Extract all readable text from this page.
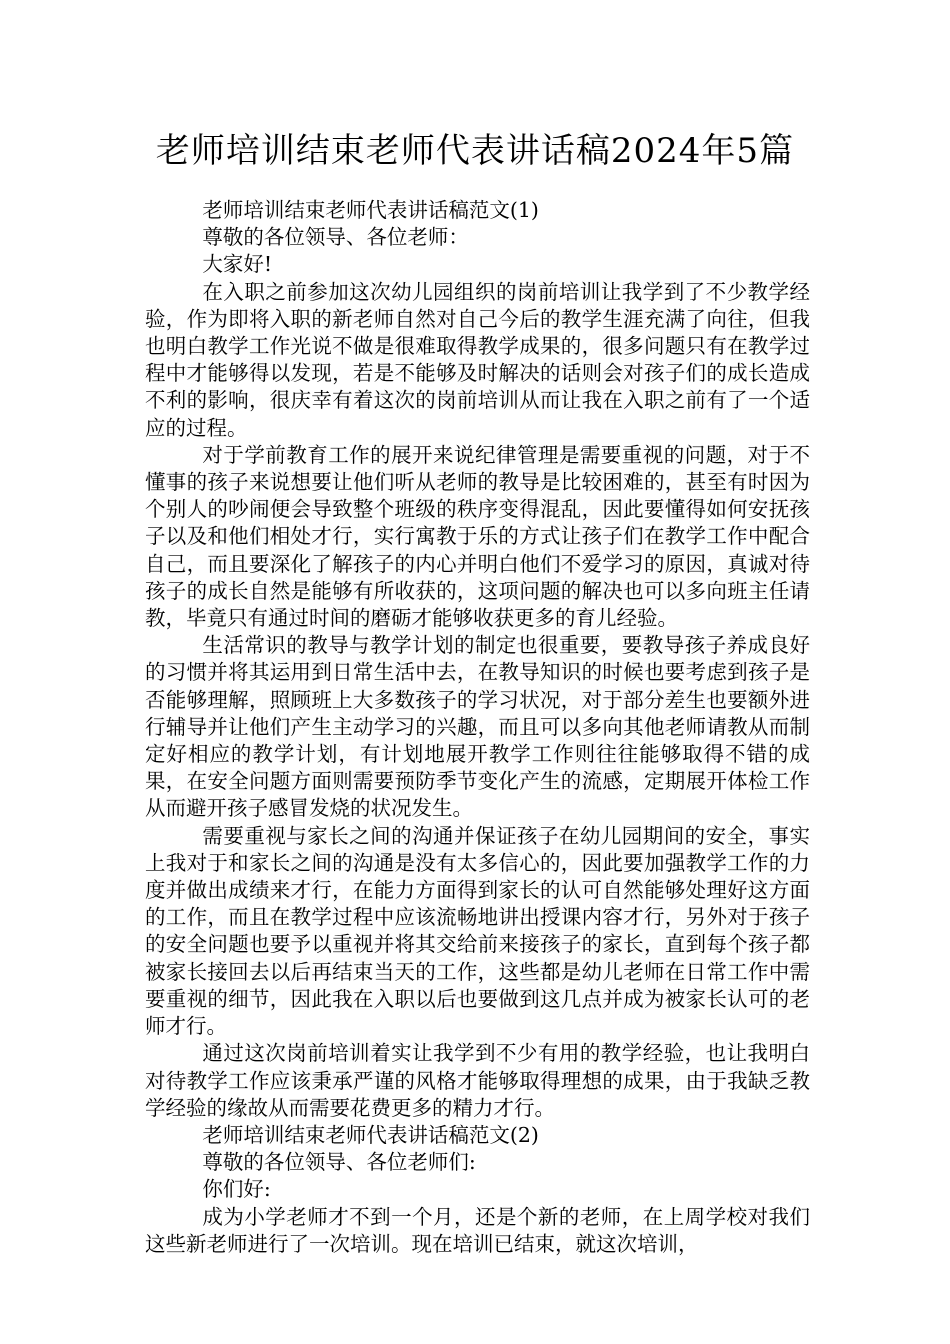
老师培训结束老师代表讲话稿2024年5篇

老师培训结束老师代表讲话稿范文(1)

尊敬的各位领导、各位老师：

大家好!

在入职之前参加这次幼儿园组织的岗前培训让我学到了不少教学经验，作为即将入职的新老师自然对自己今后的教学生涯充满了向往，但我也明白教学工作光说不做是很难取得教学成果的，很多问题只有在教学过程中才能够得以发现，若是不能够及时解决的话则会对孩子们的成长造成不利的影响，很庆幸有着这次的岗前培训从而让我在入职之前有了一个适应的过程。

对于学前教育工作的展开来说纪律管理是需要重视的问题，对于不懂事的孩子来说想要让他们听从老师的教导是比较困难的，甚至有时因为个别人的吵闹便会导致整个班级的秩序变得混乱，因此要懂得如何安抚孩子以及和他们相处才行，实行寓教于乐的方式让孩子们在教学工作中配合自己，而且要深化了解孩子的内心并明白他们不爱学习的原因，真诚对待孩子的成长自然是能够有所收获的，这项问题的解决也可以多向班主任请教，毕竟只有通过时间的磨砺才能够收获更多的育儿经验。

生活常识的教导与教学计划的制定也很重要，要教导孩子养成良好的习惯并将其运用到日常生活中去，在教导知识的时候也要考虑到孩子是否能够理解，照顾班上大多数孩子的学习状况，对于部分差生也要额外进行辅导并让他们产生主动学习的兴趣，而且可以多向其他老师请教从而制定好相应的教学计划，有计划地展开教学工作则往往能够取得不错的成果，在安全问题方面则需要预防季节变化产生的流感，定期展开体检工作从而避开孩子感冒发烧的状况发生。

需要重视与家长之间的沟通并保证孩子在幼儿园期间的安全，事实上我对于和家长之间的沟通是没有太多信心的，因此要加强教学工作的力度并做出成绩来才行，在能力方面得到家长的认可自然能够处理好这方面的工作，而且在教学过程中应该流畅地讲出授课内容才行，另外对于孩子的安全问题也要予以重视并将其交给前来接孩子的家长，直到每个孩子都被家长接回去以后再结束当天的工作，这些都是幼儿老师在日常工作中需要重视的细节，因此我在入职以后也要做到这几点并成为被家长认可的老师才行。

通过这次岗前培训着实让我学到不少有用的教学经验，也让我明白对待教学工作应该秉承严谨的风格才能够取得理想的成果，由于我缺乏教学经验的缘故从而需要花费更多的精力才行。

老师培训结束老师代表讲话稿范文(2)

尊敬的各位领导、各位老师们:

你们好:

成为小学老师才不到一个月，还是个新的老师，在上周学校对我们这些新老师进行了一次培训。现在培训已结束，就这次培训，
